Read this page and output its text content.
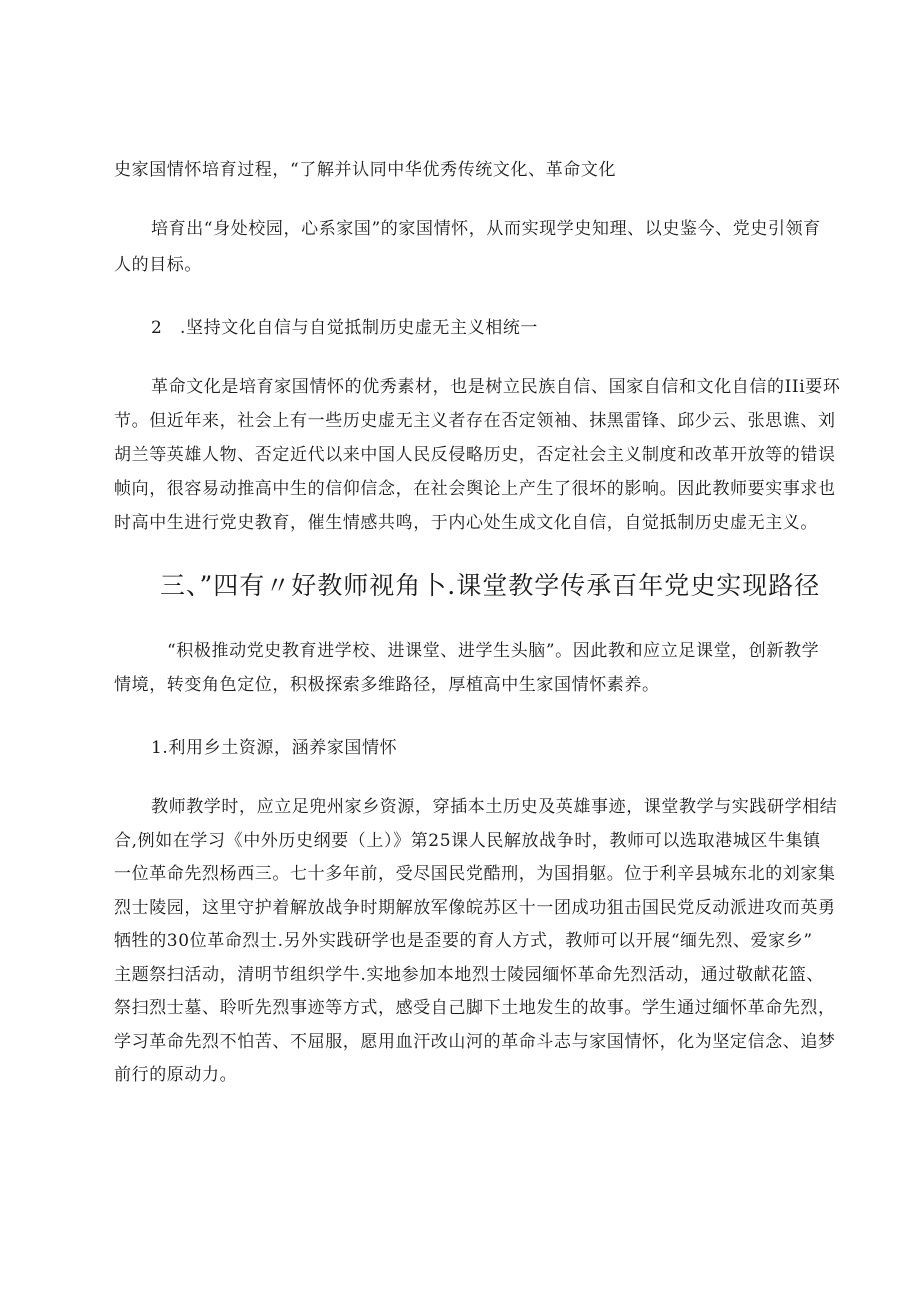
史家国情怀培育过程，“了解并认同中华优秀传统文化、革命文化

培育出“身处校园，心系家国”的家国情怀，从而实现学史知理、以史鉴今、党史引领育
人的目标。

2 .坚持文化自信与自觉抵制历史虚无主义相统一

革命文化是培育家国情怀的优秀素材，也是树立民族自信、国家自信和文化自信的IIi要环
节。但近年来，社会上有一些历史虚无主义者存在否定领袖、抹黑雷锋、邱少云、张思谯、刘
胡兰等英雄人物、否定近代以来中国人民反侵略历史，否定社会主义制度和改革开放等的错误
帧向，很容易动推高中生的信仰信念，在社会舆论上产生了很坏的影响。因此教师要实事求也
时高中生进行党史教育，催生情感共鸣，于内心处生成文化自信，自觉抵制历史虚无主义。

三、”四有〃好教师视角卜.课堂教学传承百年党史实现路径

“积极推动党史教育进学校、进课堂、进学生头脑”。因此教和应立足课堂，创新教学
情境，转变角色定位，积极探索多维路径，厚植高中生家国情怀素养。

1.利用乡土资源，涵养家国情怀

教师教学时，应立足兜州家乡资源，穿插本土历史及英雄事迹，课堂教学与实践研学相结
合,例如在学习《中外历史纲要（上）》第25课人民解放战争时，教师可以选取港城区牛集镇
一位革命先烈杨西三。七十多年前，受尽国民党酷刑，为国捐躯。位于利辛县城东北的刘家集
烈士陵园，这里守护着解放战争时期解放军像皖苏区十一团成功狙击国民党反动派进攻而英勇
牺牲的30位革命烈士.另外实践研学也是歪要的育人方式，教师可以开展“缅先烈、爱家乡”
主题祭扫活动，清明节组织学牛.实地参加本地烈士陵园缅怀革命先烈活动，通过敬献花篮、
祭扫烈士墓、聆听先烈事迹等方式，感受自己脚下土地发生的故事。学生通过缅怀革命先烈，
学习革命先烈不怕苦、不屈服，愿用血汗改山河的革命斗志与家国情怀，化为坚定信念、追梦
前行的原动力。
